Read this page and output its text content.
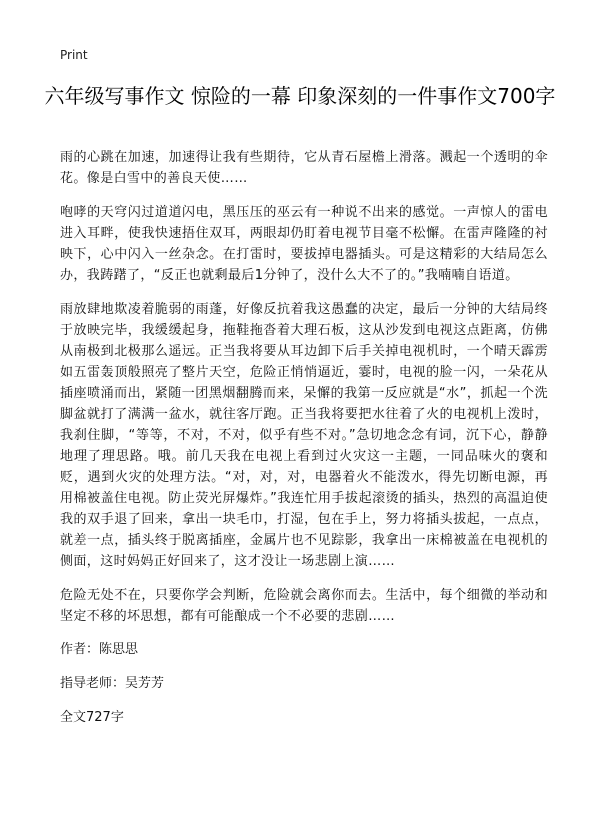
Print
六年级写事作文 惊险的一幕 印象深刻的一件事作文700字

雨的心跳在加速，加速得让我有些期待，它从青石屋檐上滑落。溅起一个透明的伞花。像是白雪中的善良天使……

咆哮的天穹闪过道道闪电，黑压压的巫云有一种说不出来的感觉。一声惊人的雷电进入耳畔，使我快速捂住双耳，两眼却仍盯着电视节目毫不松懈。在雷声隆隆的衬映下，心中闪入一丝杂念。在打雷时，要拔掉电器插头。可是这精彩的大结局怎么办，我踌躇了，“反正也就剩最后1分钟了，没什么大不了的。”我喃喃自语道。

雨放肆地欺凌着脆弱的雨蓬，好像反抗着我这愚蠢的决定，最后一分钟的大结局终于放映完毕，我缓缓起身，拖鞋拖沓着大理石板，这从沙发到电视这点距离，仿佛从南极到北极那么遥远。正当我将要从耳边卸下后手关掉电视机时，一个晴天霹雳如五雷轰顶般照亮了整片天空，危险正悄悄逼近，霎时，电视的脸一闪，一朵花从插座喷涌而出，紧随一团黑烟翻腾而来，呆懈的我第一反应就是“水”，抓起一个洗脚盆就打了满满一盆水，就往客厅跑。正当我将要把水往着了火的电视机上泼时，我刹住脚，“等等，不对，不对，似乎有些不对。”急切地念念有词，沉下心，静静地理了理思路。哦。前几天我在电视上看到过火灾这一主题，一同品味火的褒和贬，遇到火灾的处理方法。“对，对，对，电器着火不能泼水，得先切断电源，再用棉被盖住电视。防止荧光屏爆炸。”我连忙用手拔起滚烫的插头，热烈的高温迫使我的双手退了回来，拿出一块毛巾，打湿，包在手上，努力将插头拔起，一点点，就差一点，插头终于脱离插座，金属片也不见踪影，我拿出一床棉被盖在电视机的侧面，这时妈妈正好回来了，这才没让一场悲剧上演……

危险无处不在，只要你学会判断，危险就会离你而去。生活中，每个细微的举动和坚定不移的坏思想，都有可能酿成一个不必要的悲剧……

作者：陈思思

指导老师：吴芳芳

全文727字
